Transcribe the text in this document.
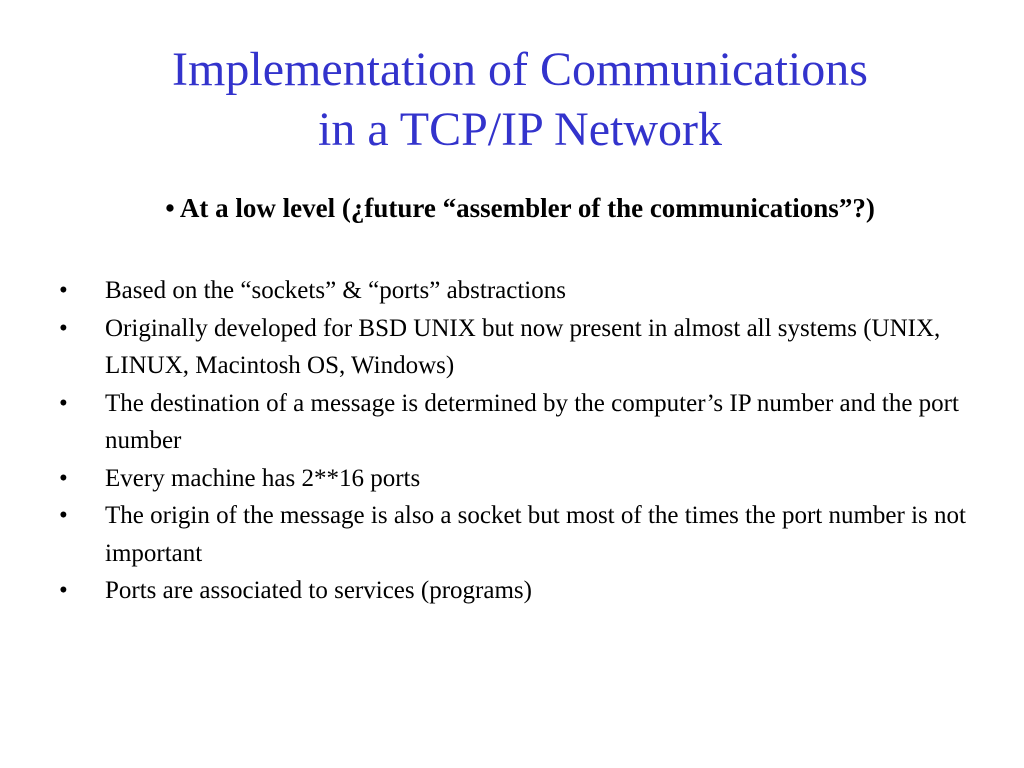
Implementation of Communications
in a TCP/IP Network

• At a low level (¿future “assembler of the communications”?)

• Based on the “sockets” & “ports” abstractions
• Originally developed for BSD UNIX but now present in almost all systems (UNIX, LINUX, Macintosh OS, Windows)
• The destination of a message is determined by the computer’s IP number and the port number
• Every machine has 2**16 ports
• The origin of the message is also a socket but most of the times the port number is not important
• Ports are associated to services (programs)
